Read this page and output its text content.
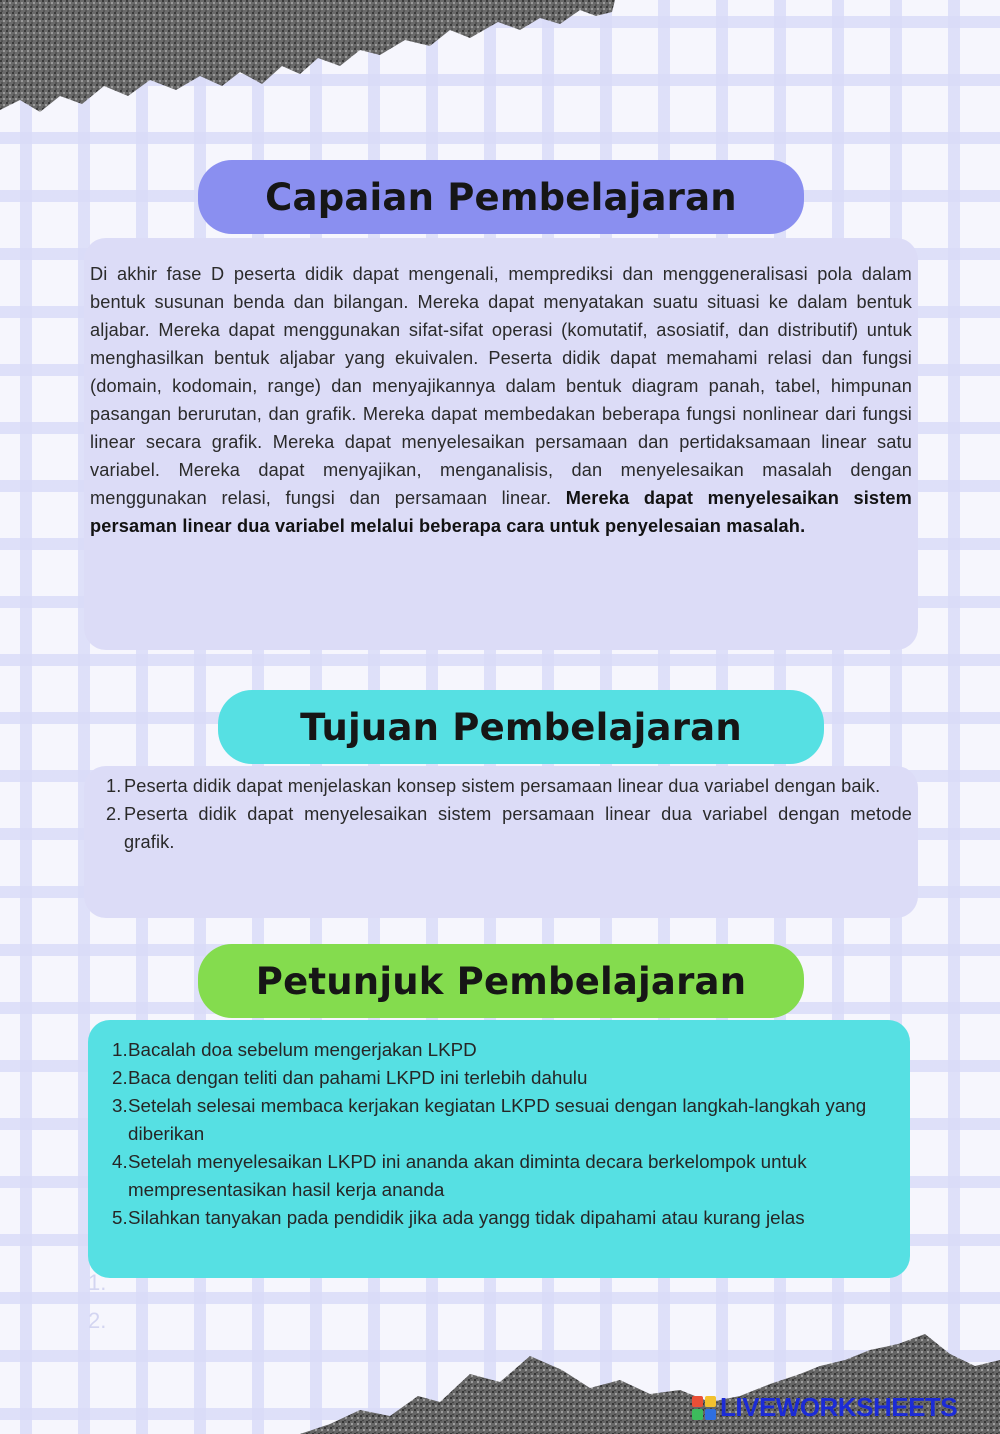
Capaian Pembelajaran

Di akhir fase D peserta didik dapat mengenali, memprediksi dan menggeneralisasi pola dalam bentuk susunan benda dan bilangan. Mereka dapat menyatakan suatu situasi ke dalam bentuk aljabar. Mereka dapat menggunakan sifat-sifat operasi (komutatif, asosiatif, dan distributif) untuk menghasilkan bentuk aljabar yang ekuivalen. Peserta didik dapat memahami relasi dan fungsi (domain, kodomain, range) dan menyajikannya dalam bentuk diagram panah, tabel, himpunan pasangan berurutan, dan grafik. Mereka dapat membedakan beberapa fungsi nonlinear dari fungsi linear secara grafik. Mereka dapat menyelesaikan persamaan dan pertidaksamaan linear satu variabel. Mereka dapat menyajikan, menganalisis, dan menyelesaikan masalah dengan menggunakan relasi, fungsi dan persamaan linear. Mereka dapat menyelesaikan sistem persaman linear dua variabel melalui beberapa cara untuk penyelesaian masalah.

Tujuan Pembelajaran
1. Peserta didik dapat menjelaskan konsep sistem persamaan linear dua variabel dengan baik.
2. Peserta didik dapat menyelesaikan sistem persamaan linear dua variabel dengan metode grafik.
Petunjuk Pembelajaran
1. Bacalah doa sebelum mengerjakan LKPD
2. Baca dengan teliti dan pahami LKPD ini terlebih dahulu
3. Setelah selesai membaca kerjakan kegiatan LKPD sesuai dengan langkah-langkah yang diberikan
4. Setelah menyelesaikan LKPD ini ananda akan diminta decara berkelompok untuk mempresentasikan hasil kerja ananda
5. Silahkan tanyakan pada pendidik jika ada yangg tidak dipahami atau kurang jelas
1.
2.
LIVEWORKSHEETS
